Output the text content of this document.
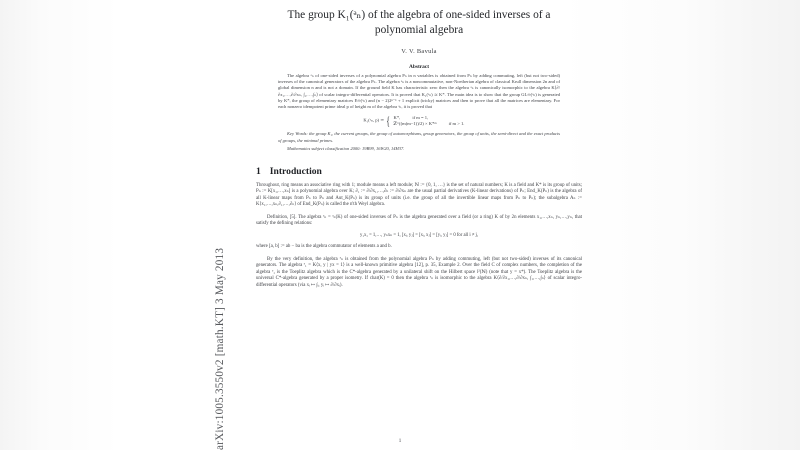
arXiv:1005.3550v2 [math.KT] 3 May 2013
The group K₁(ᵊₙ) of the algebra of one-sided inverses of a
polynomial algebra
V. V. Bavula
Abstract
The algebra ᵊₙ of one-sided inverses of a polynomial algebra Pₙ in n variables is obtained from Pₙ by adding commuting, left (but not two-sided) inverses of the canonical generators of the algebra Pₙ. The algebra ᵊₙ is a noncommutative, non-Noetherian algebra of classical Krull dimension 2n and of global dimension n and is not a domain. If the ground field K has characteristic zero then the algebra ᵊₙ is canonically isomorphic to the algebra K⟨∂/∂x₁,…,∂/∂xₙ, ∫₁,…,∫ₙ⟩ of scalar integro-differential operators. It is proved that K₁(ᵊₙ) ≃ K*. The main idea is to show that the group GL∞(ᵊₙ) is generated by K*, the group of elementary matrices E∞(ᵊₙ) and (n − 2)2ⁿ⁻¹ + 1 explicit (tricky) matrices and then to prove that all the matrices are elementary. For each nonzero idempotent prime ideal р of height m of the algebra ᵊₙ, it is proved that
K₁(ᵊₙ, р) ≃ { K*,	if m = 1,
ℤ^((m(m−1))/2) × K*ᵐ	if m > 1.
Key Words: the group K₁, the current groups, the group of automorphisms, group generators, the group of units, the semi-direct and the exact products of groups, the minimal primes.
Mathematics subject classification 2000: 19B99, 16W20, 14H37.
1 Introduction
Throughout, ring means an associative ring with 1; module means a left module; ℕ := {0, 1, …} is the set of natural numbers; K is a field and K* is its group of units; Pₙ := K[x₁,…,xₙ] is a polynomial algebra over K; ∂₁ := ∂/∂x₁,…,∂ₙ := ∂/∂xₙ are the usual partial derivatives (K-linear derivations) of Pₙ; End_K(Pₙ) is the algebra of all K-linear maps from Pₙ to Pₙ and Aut_K(Pₙ) is its group of units (i.e. the group of all the invertible linear maps from Pₙ to Pₙ); the subalgebra Aₙ := K⟨x₁,…,xₙ,∂₁,…,∂ₙ⟩ of End_K(Pₙ) is called the n'th Weyl algebra.
Definition, [5]. The algebra ᵊₙ = ᵊₙ(K) of one-sided inverses of Pₙ is the algebra generated over a field (or a ring) K of by 2n elements x₁,…,xₙ, yₙ,…,yₙ, that satisfy the defining relations:
y₁x₁ = 1,…, yₙxₙ = 1, [xᵢ, yⱼ] = [xᵢ, xⱼ] = [yᵢ, yⱼ] = 0 for all i ≠ j,
where [a, b] := ab − ba is the algebra commutator of elements a and b.
By the very definition, the algebra ᵊₙ is obtained from the polynomial algebra Pₙ by adding commuting, left (but not two-sided) inverses of its canonical generators. The algebra ᵊ₁ = K⟨x, y | yx = 1⟩ is a well-known primitive algebra [12], p. 35, Example 2. Over the field C of complex numbers, the completion of the algebra ᵊ₁ is the Toeplitz algebra which is the C*-algebra generated by a unilateral shift on the Hilbert space l²(ℕ) (note that y = x*). The Toeplitz algebra is the universal C*-algebra generated by a proper isometry. If char(K) = 0 then the algebra ᵊₙ is isomorphic to the algebra K⟨∂/∂x₁,…,∂/∂xₙ, ∫₁,…,∫ₙ⟩ of scalar integro-differential operators (via xᵢ ↦ ∫ᵢ, yᵢ ↦ ∂/∂xᵢ).
1
